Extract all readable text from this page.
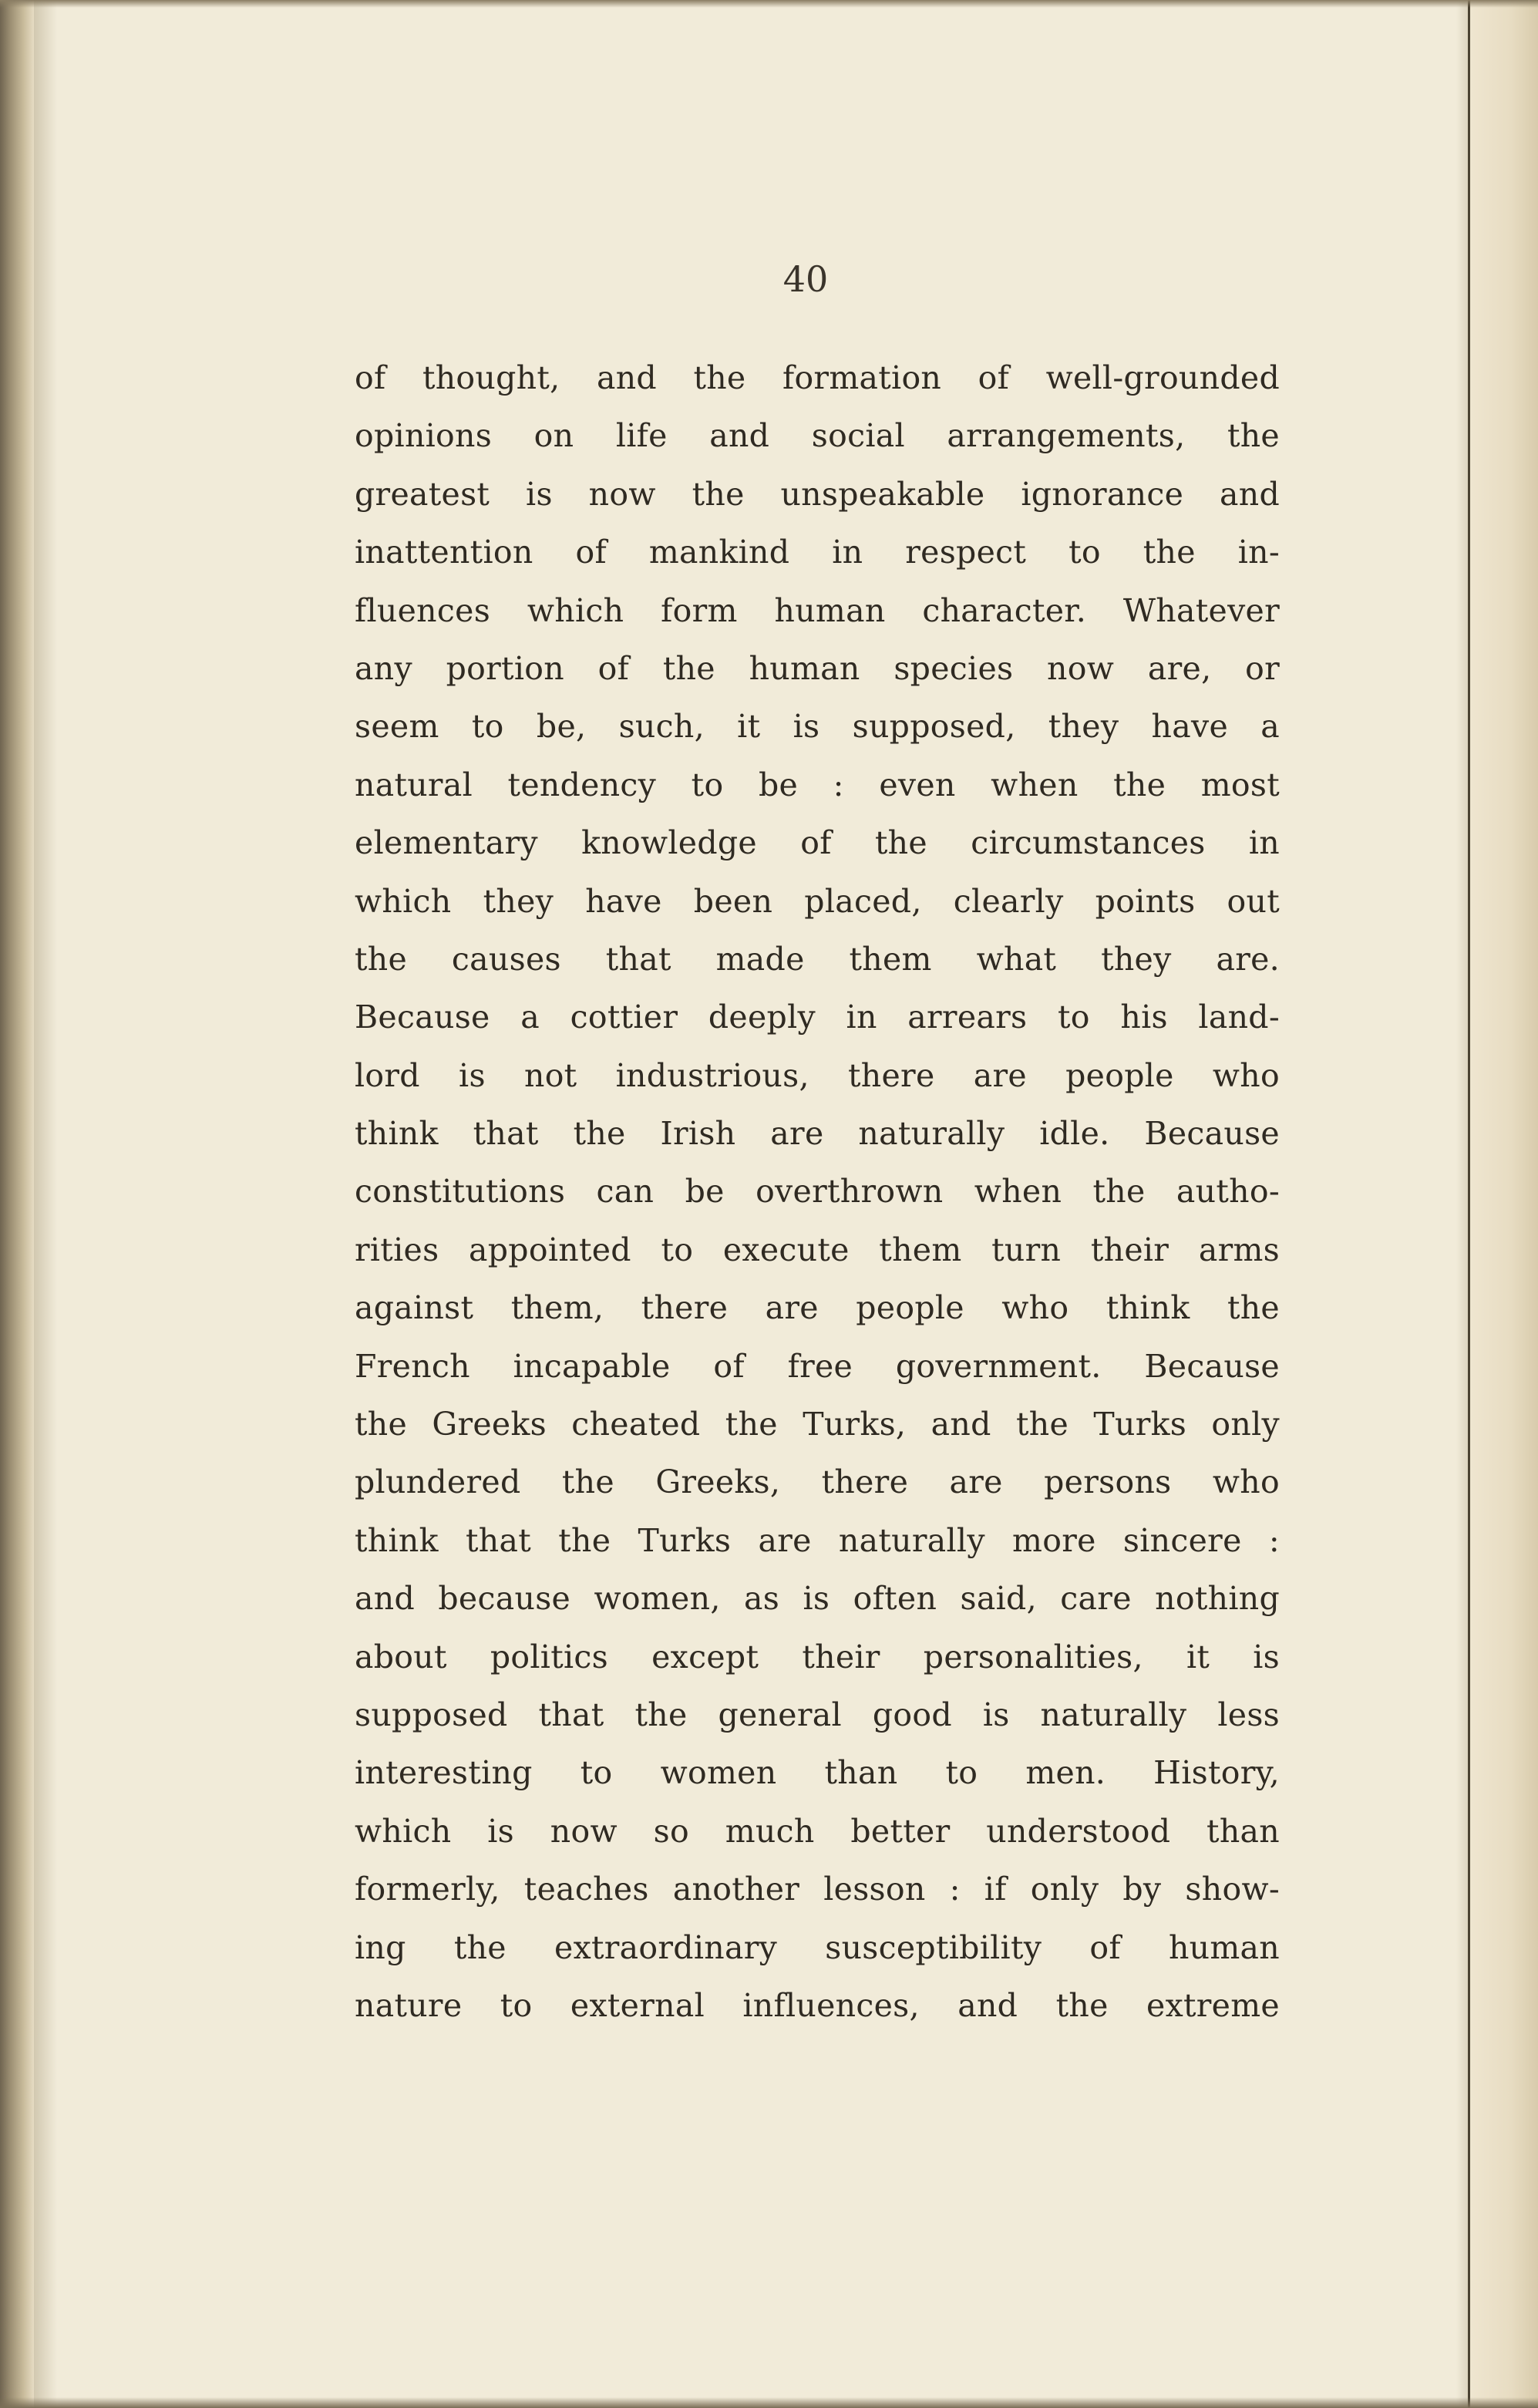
40
of thought, and the formation of well-grounded
opinions on life and social arrangements, the
greatest is now the unspeakable ignorance and
inattention of mankind in respect to the in-
fluences which form human character. Whatever
any portion of the human species now are, or
seem to be, such, it is supposed, they have a
natural tendency to be : even when the most
elementary knowledge of the circumstances in
which they have been placed, clearly points out
the causes that made them what they are.
Because a cottier deeply in arrears to his land-
lord is not industrious, there are people who
think that the Irish are naturally idle. Because
constitutions can be overthrown when the autho-
rities appointed to execute them turn their arms
against them, there are people who think the
French incapable of free government. Because
the Greeks cheated the Turks, and the Turks only
plundered the Greeks, there are persons who
think that the Turks are naturally more sincere :
and because women, as is often said, care nothing
about politics except their personalities, it is
supposed that the general good is naturally less
interesting to women than to men. History,
which is now so much better understood than
formerly, teaches another lesson : if only by show-
ing the extraordinary susceptibility of human
nature to external influences, and the extreme
